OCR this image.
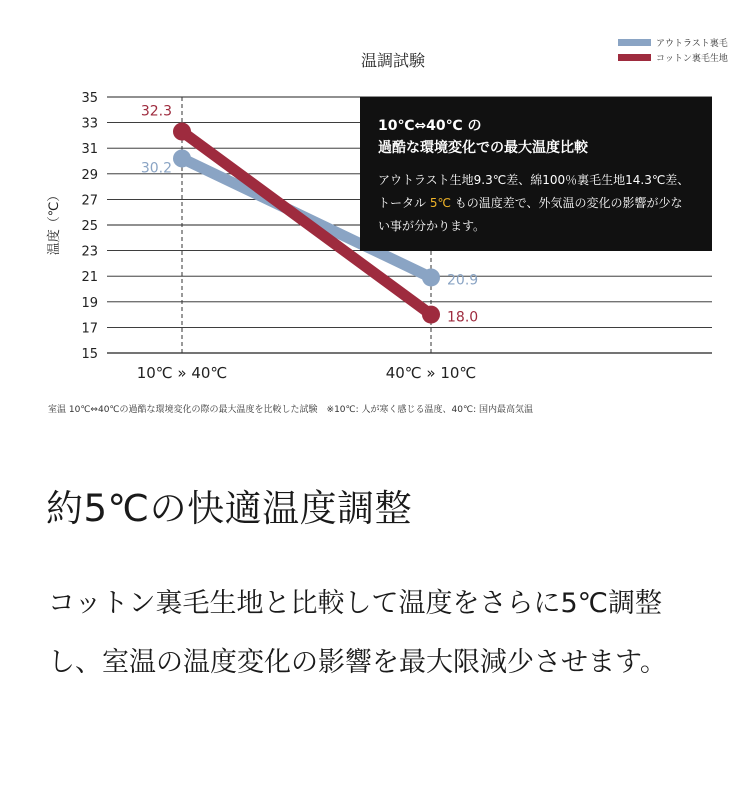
35
33
31
29
27
25
23
21
19
17
15
10℃ » 40℃	40℃ » 10℃
30.2
20.9
32.3
18.0
温調試験
温度（℃）
アウトラスト裏毛
コットン裏毛生地
10℃⇔40℃ の
過酷な環境変化での最大温度比較
アウトラスト生地9.3℃差、綿100％裏毛生地14.3℃差、トータル 5℃ もの温度差で、外気温の変化の影響が少ない事が分かります。
室温 10℃⇔40℃の過酷な環境変化の際の最大温度を比較した試験　※10℃: 人が寒く感じる温度、40℃: 国内最高気温
約5℃の快適温度調整
コットン裏毛生地と比較して温度をさらに5℃調整し、室温の温度変化の影響を最大限減少させます。
